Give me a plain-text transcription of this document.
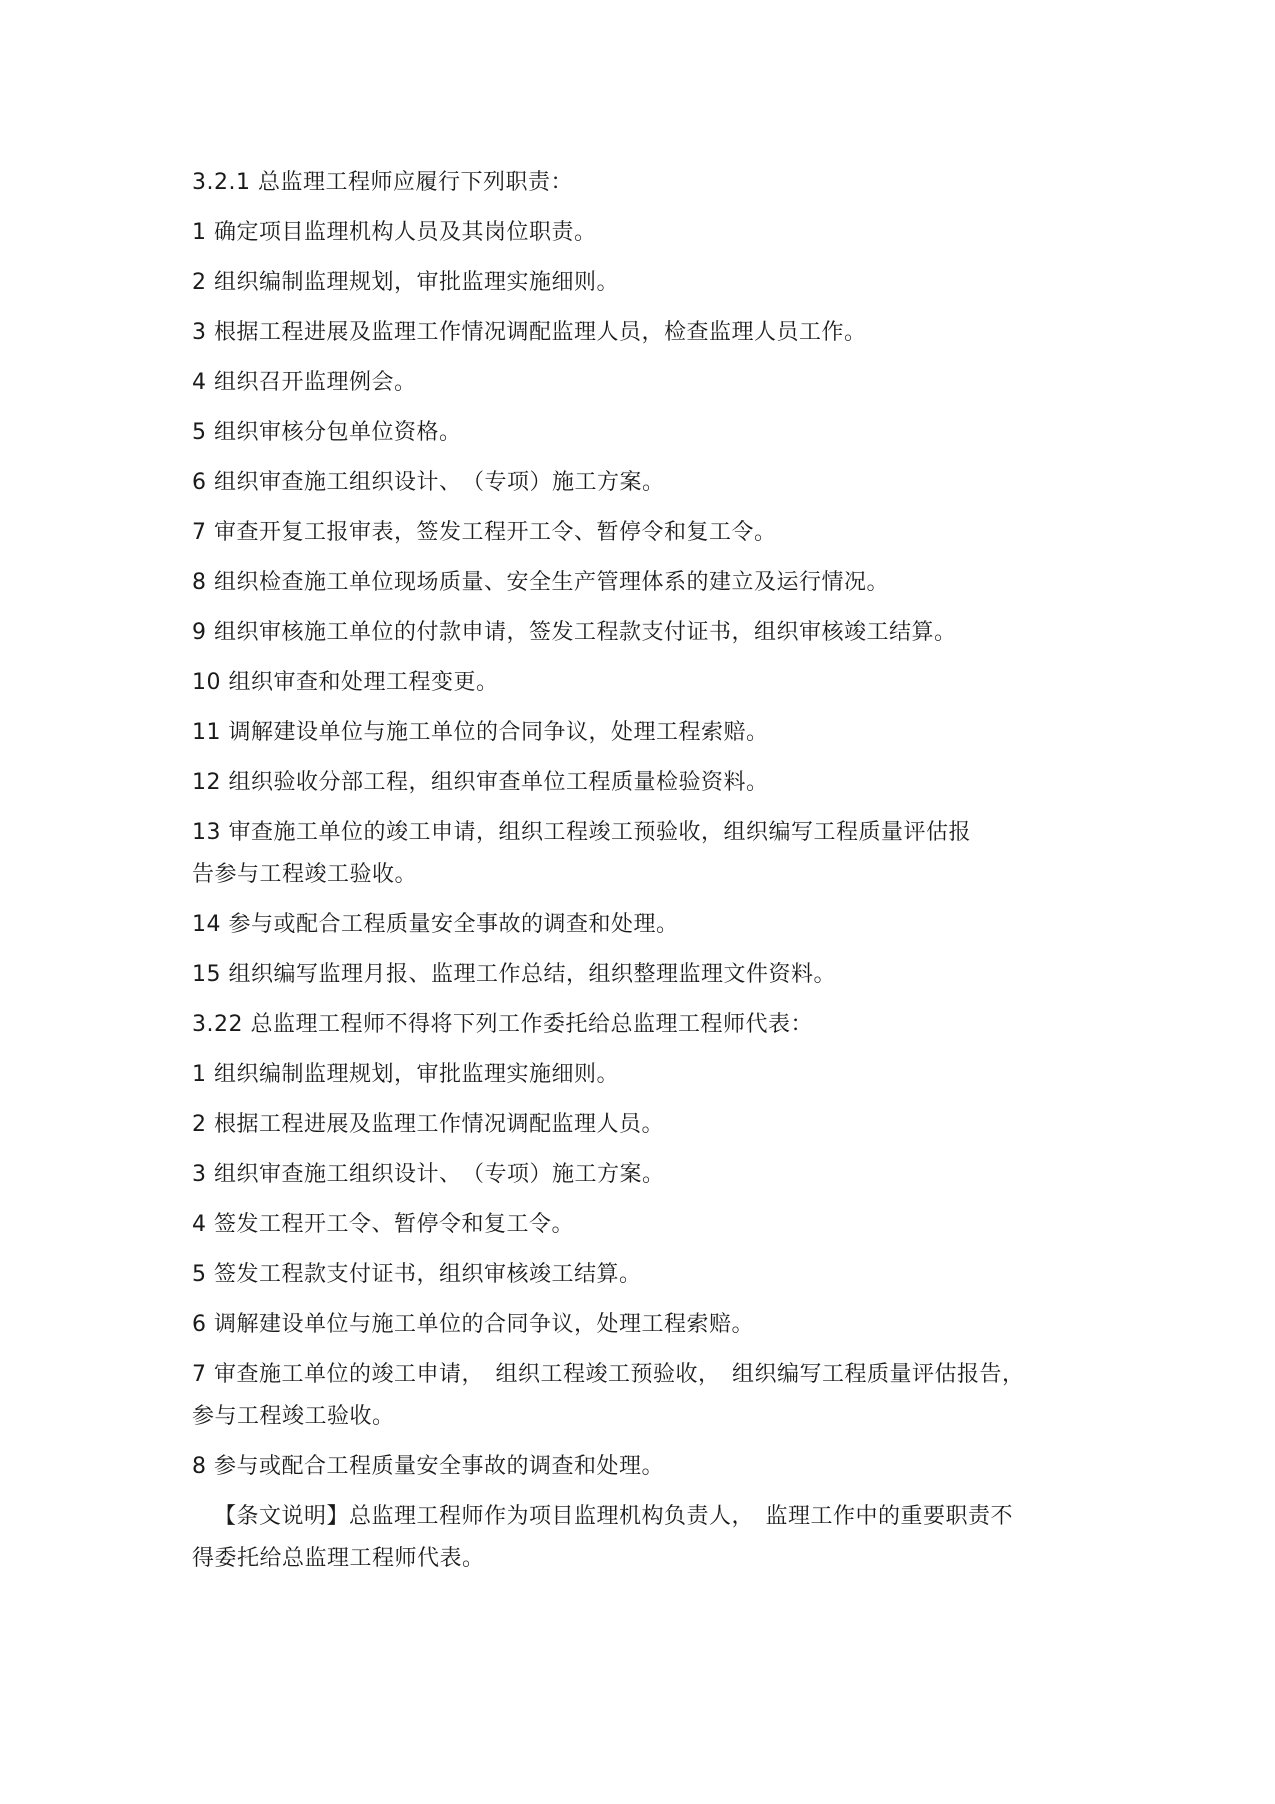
3.2.1 总监理工程师应履行下列职责：

1 确定项目监理机构人员及其岗位职责。

2 组织编制监理规划，审批监理实施细则。

3 根据工程进展及监理工作情况调配监理人员，检查监理人员工作。

4 组织召开监理例会。

5 组织审核分包单位资格。

6 组织审查施工组织设计、　（专项）施工方案。

7 审查开复工报审表，签发工程开工令、暂停令和复工令。

8 组织检查施工单位现场质量、安全生产管理体系的建立及运行情况。

9 组织审核施工单位的付款申请，签发工程款支付证书，组织审核竣工结算。

10 组织审查和处理工程变更。

11 调解建设单位与施工单位的合同争议，处理工程索赔。

12 组织验收分部工程，组织审查单位工程质量检验资料。

13 审查施工单位的竣工申请，组织工程竣工预验收，组织编写工程质量评估报

告参与工程竣工验收。

14 参与或配合工程质量安全事故的调查和处理。

15 组织编写监理月报、监理工作总结，组织整理监理文件资料。

3.22 总监理工程师不得将下列工作委托给总监理工程师代表：

1 组织编制监理规划，审批监理实施细则。

2 根据工程进展及监理工作情况调配监理人员。

3 组织审查施工组织设计、　（专项）施工方案。

4 签发工程开工令、暂停令和复工令。

5 签发工程款支付证书，组织审核竣工结算。

6 调解建设单位与施工单位的合同争议，处理工程索赔。

7 审查施工单位的竣工申请，　组织工程竣工预验收，　组织编写工程质量评估报告，

参与工程竣工验收。

8 参与或配合工程质量安全事故的调查和处理。

【条文说明】总监理工程师作为项目监理机构负责人，　监理工作中的重要职责不

得委托给总监理工程师代表。
